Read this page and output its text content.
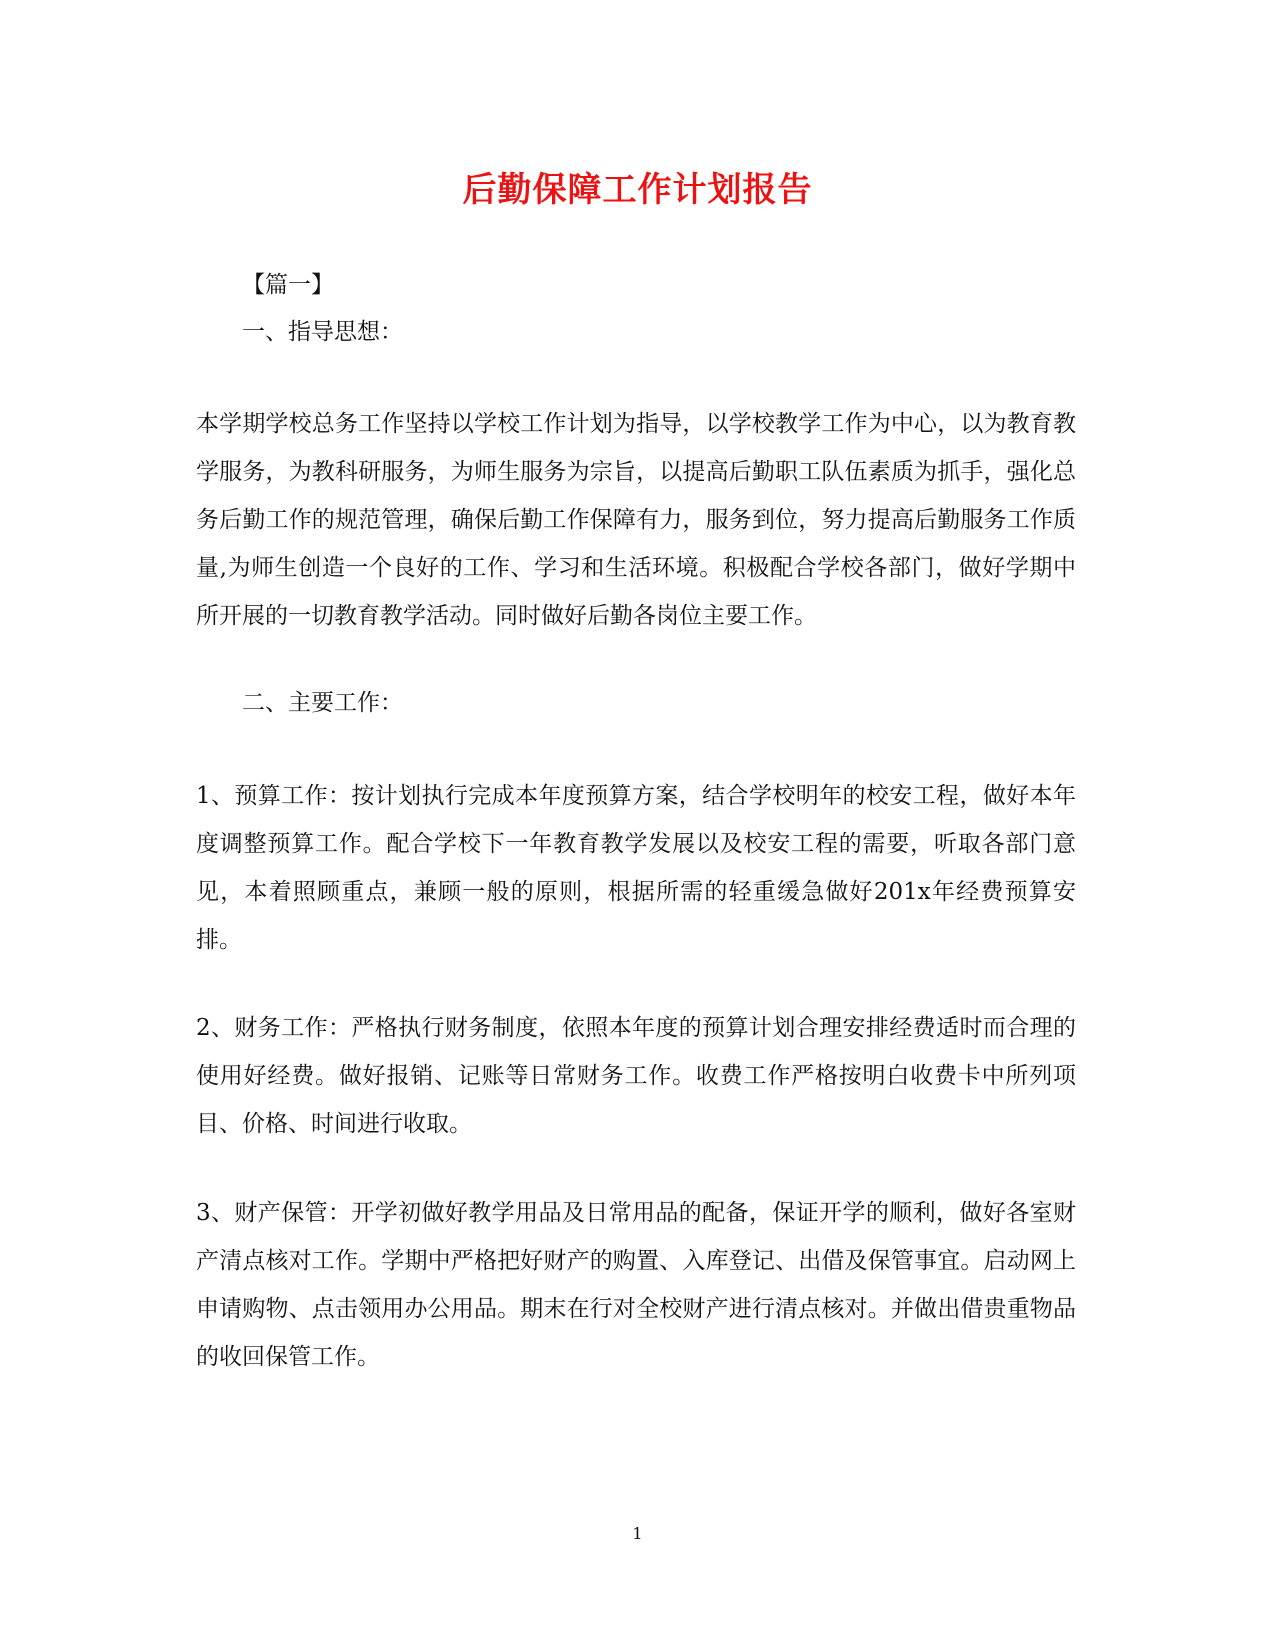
后勤保障工作计划报告
【篇一】
一、指导思想：
本学期学校总务工作坚持以学校工作计划为指导，以学校教学工作为中心，以为教育教学服务，为教科研服务，为师生服务为宗旨，以提高后勤职工队伍素质为抓手，强化总务后勤工作的规范管理，确保后勤工作保障有力，服务到位，努力提高后勤服务工作质量,为师生创造一个良好的工作、学习和生活环境。积极配合学校各部门，做好学期中所开展的一切教育教学活动。同时做好后勤各岗位主要工作。
二、主要工作：
1、预算工作：按计划执行完成本年度预算方案，结合学校明年的校安工程，做好本年度调整预算工作。配合学校下一年教育教学发展以及校安工程的需要，听取各部门意见，本着照顾重点，兼顾一般的原则，根据所需的轻重缓急做好201x年经费预算安排。
2、财务工作：严格执行财务制度，依照本年度的预算计划合理安排经费适时而合理的使用好经费。做好报销、记账等日常财务工作。收费工作严格按明白收费卡中所列项目、价格、时间进行收取。
3、财产保管：开学初做好教学用品及日常用品的配备，保证开学的顺利，做好各室财产清点核对工作。学期中严格把好财产的购置、入库登记、出借及保管事宜。启动网上申请购物、点击领用办公用品。期末在行对全校财产进行清点核对。并做出借贵重物品的收回保管工作。
1
